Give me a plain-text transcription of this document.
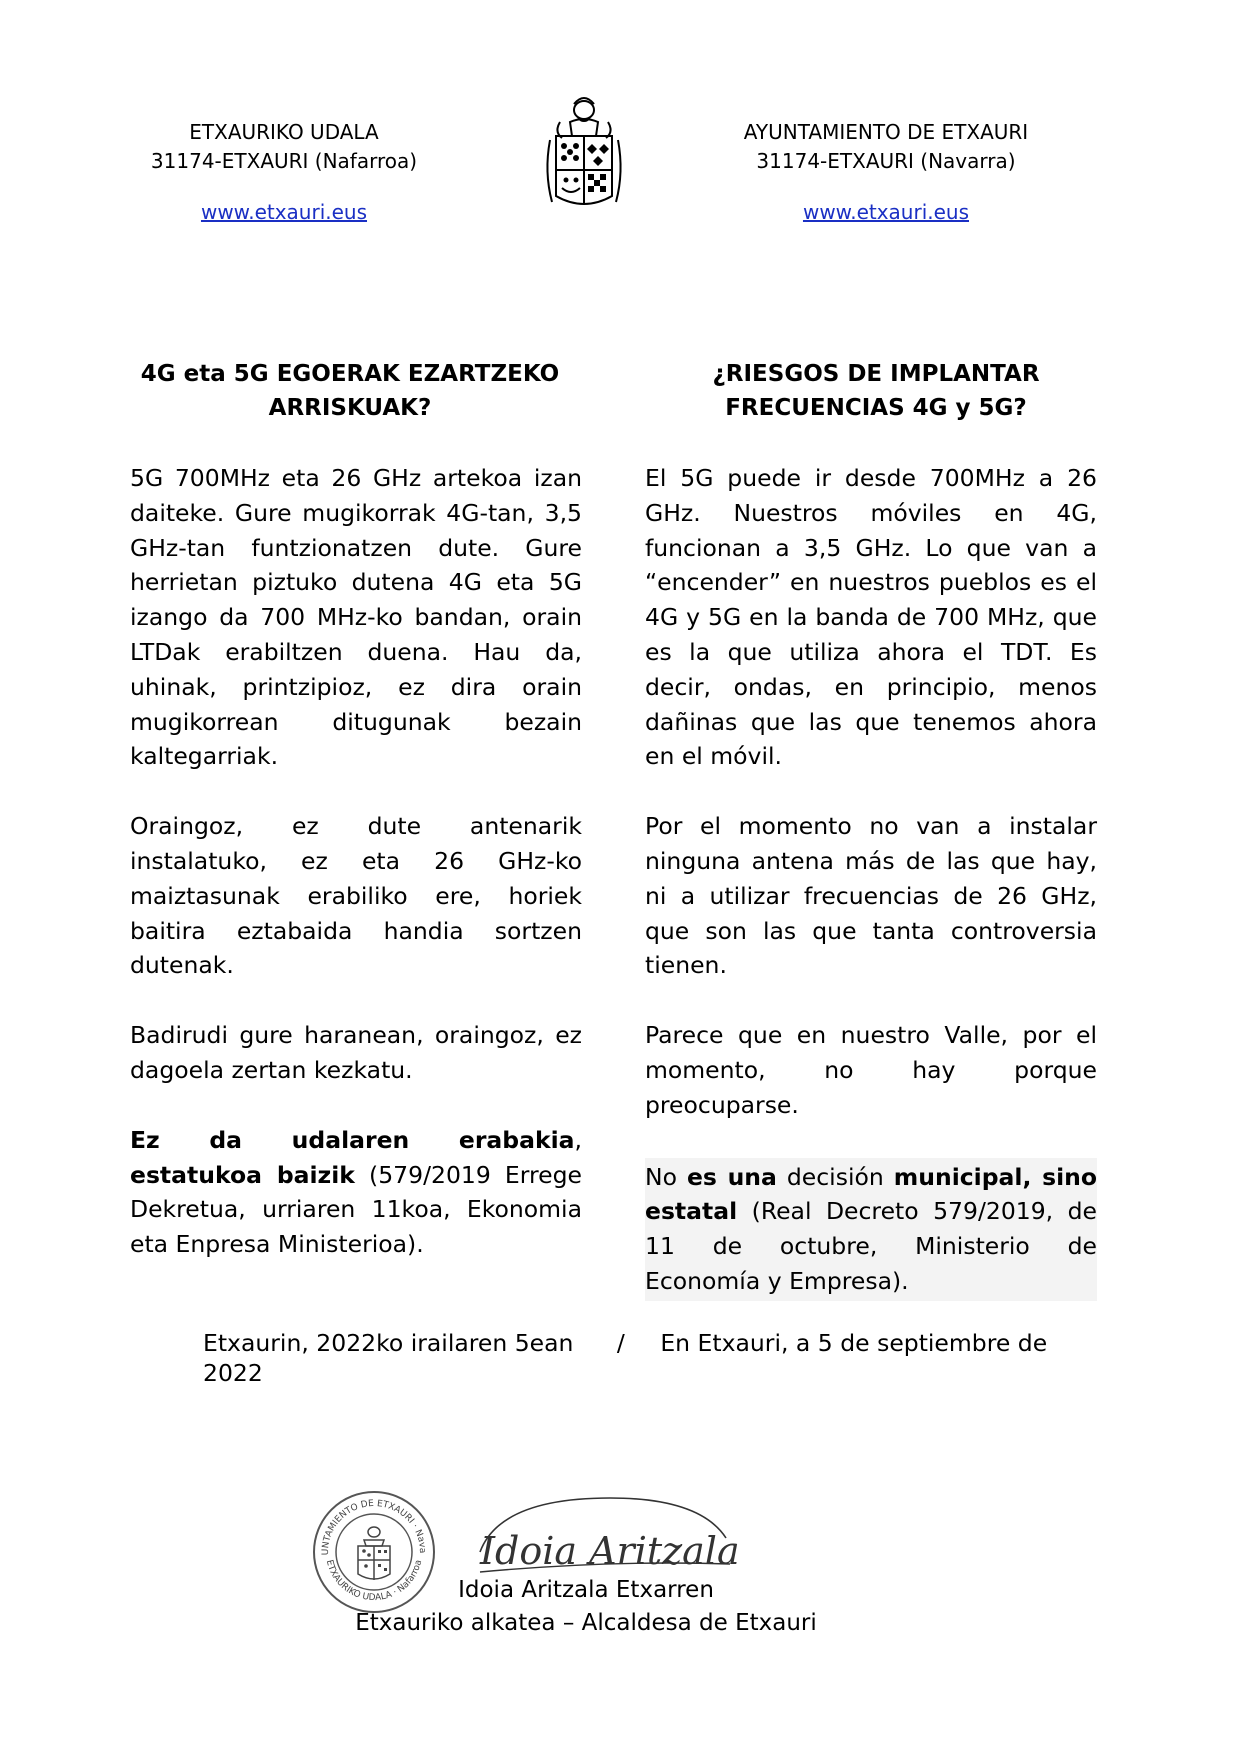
ETXAURIKO UDALA
31174-ETXAURI (Nafarroa)
www.etxauri.eus
AYUNTAMIENTO DE ETXAURI
31174-ETXAURI (Navarra)
www.etxauri.eus
4G eta 5G EGOERAK EZARTZEKO
ARRISKUAK?
¿RIESGOS DE IMPLANTAR
FRECUENCIAS 4G y 5G?

5G 700MHz eta 26 GHz artekoa izan daiteke. Gure mugikorrak 4G-tan, 3,5 GHz-tan funtzionatzen dute. Gure herrietan piztuko dutena 4G eta 5G izango da 700 MHz-ko bandan, orain LTDak erabiltzen duena. Hau da, uhinak, printzipioz, ez dira orain mugikorrean ditugunak bezain kaltegarriak.

Oraingoz, ez dute antenarik instalatuko, ez eta 26 GHz-ko maiztasunak erabiliko ere, horiek baitira eztabaida handia sortzen dutenak.

Badirudi gure haranean, oraingoz, ez dagoela zertan kezkatu.

Ez da udalaren erabakia, estatukoa baizik (579/2019 Errege Dekretua, urriaren 11koa, Ekonomia eta Enpresa Ministerioa).

El 5G puede ir desde 700MHz a 26 GHz. Nuestros móviles en 4G, funcionan a 3,5 GHz. Lo que van a “encender” en nuestros pueblos es el 4G y 5G en la banda de 700 MHz, que es la que utiliza ahora el TDT. Es decir, ondas, en principio, menos dañinas que las que tenemos ahora en el móvil.

Por el momento no van a instalar ninguna antena más de las que hay, ni a utilizar frecuencias de 26 GHz, que son las que tanta controversia tienen.

Parece que en nuestro Valle, por el momento, no hay porque preocuparse.

No es una decisión municipal, sino estatal (Real Decreto 579/2019, de 11 de octubre, Ministerio de Economía y Empresa).

Etxaurin, 2022ko irailaren 5ean / En Etxauri, a 5 de septiembre de 2022
UNTAMIENTO DE ETXAURI · Nava
ETXAURIKO UDALA · Nafarroa Idoia Aritzala
Idoia Aritzala Etxarren
Etxauriko alkatea – Alcaldesa de Etxauri
